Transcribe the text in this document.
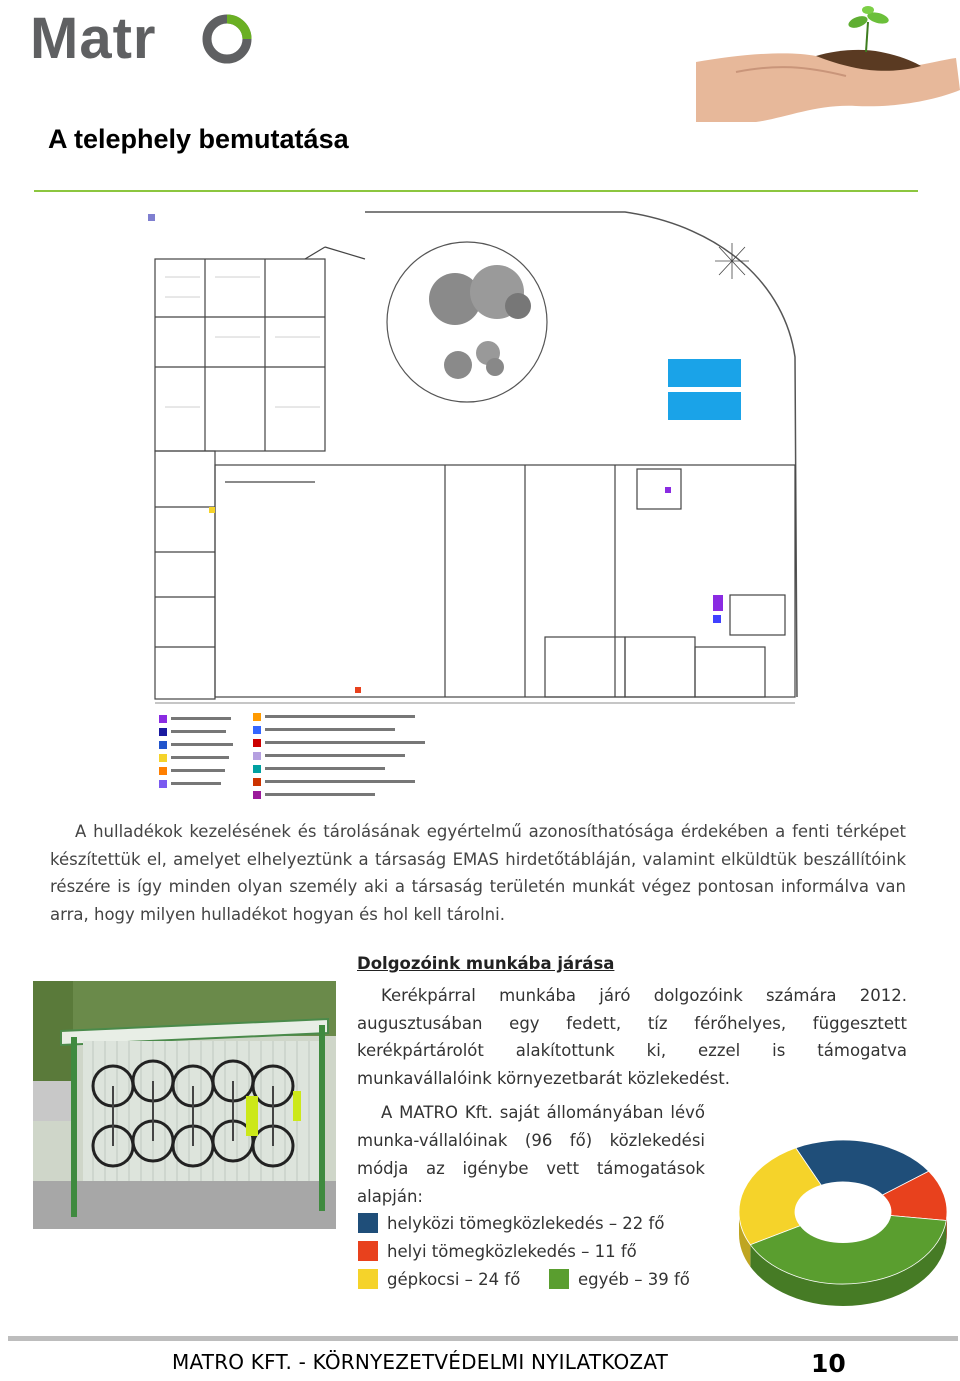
Matr
A telephely bemutatása

A hulladékok kezelésének és tárolásának egyértelmű azonosíthatósága érdekében a fenti térképet készítettük el, amelyet elhelyeztünk a társaság EMAS hirdetőtábláján, valamint elküldtük beszállítóink részére is így minden olyan személy aki a társaság területén munkát végez pontosan informálva van arra, hogy milyen hulladékot hogyan és hol kell tárolni.

Dolgozóink munkába járása

Kerékpárral munkába járó dolgozóink számára 2012. augusztusában egy fedett, tíz férőhelyes, függesztett kerékpártárolót alakítottunk ki, ezzel is támogatva munkavállalóink környezetbarát közlekedést.

A MATRO Kft. saját állományában lévő munka-vállalóinak (96 fő) közlekedési módja az igénybe vett támogatások alapján:

helyközi tömegközlekedés – 22 fő
helyi tömegközlekedés – 11 fő
gépkocsi – 24 fő	egyéb – 39 fő
MATRO KFT. - KÖRNYEZETVÉDELMI NYILATKOZAT	10
